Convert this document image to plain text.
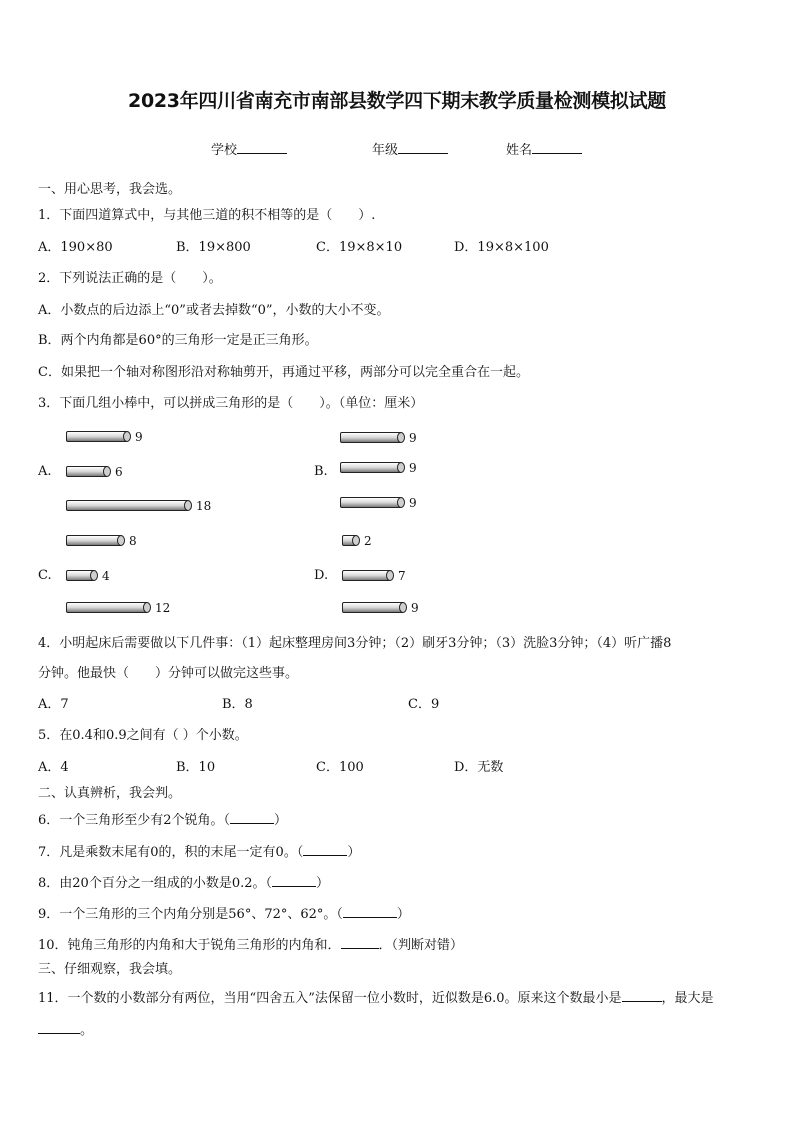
2023年四川省南充市南部县数学四下期末教学质量检测模拟试题
学校	年级	姓名
一、用心思考，我会选。
1．下面四道算式中，与其他三道的积不相等的是（　　）.
A．190×80	B．19×800	C．19×8×10	D．19×8×100
2．下列说法正确的是（　　）。
A．小数点的后边添上“0”或者去掉数“0”，小数的大小不变。
B．两个内角都是60°的三角形一定是正三角形。
C．如果把一个轴对称图形沿对称轴剪开，再通过平移，两部分可以完全重合在一起。
3．下面几组小棒中，可以拼成三角形的是（　　）。（单位：厘米）
A.	B.
C.	D.
9
6
18
9
9
9
8
4
12
2
7
9
4．小明起床后需要做以下几件事：（1）起床整理房间3分钟；（2）刷牙3分钟；（3）洗脸3分钟；（4）听广播8
分钟。他最快（　　）分钟可以做完这些事。
A．7	B．8	C．9
5．在0.4和0.9之间有（ ）个小数。
A．4	B．10	C．100	D．无数
二、认真辨析，我会判。
6．一个三角形至少有2个锐角。（	）
7．凡是乘数末尾有0的，积的末尾一定有0。（	）
8．由20个百分之一组成的小数是0.2。（	）
9．一个三角形的三个内角分别是56°、72°、62°。（	）
10．钝角三角形的内角和大于锐角三角形的内角和．	．（判断对错）
三、仔细观察，我会填。
11．一个数的小数部分有两位，当用“四舍五入”法保留一位小数时，近似数是6.0。原来这个数最小是	，最大是
。
